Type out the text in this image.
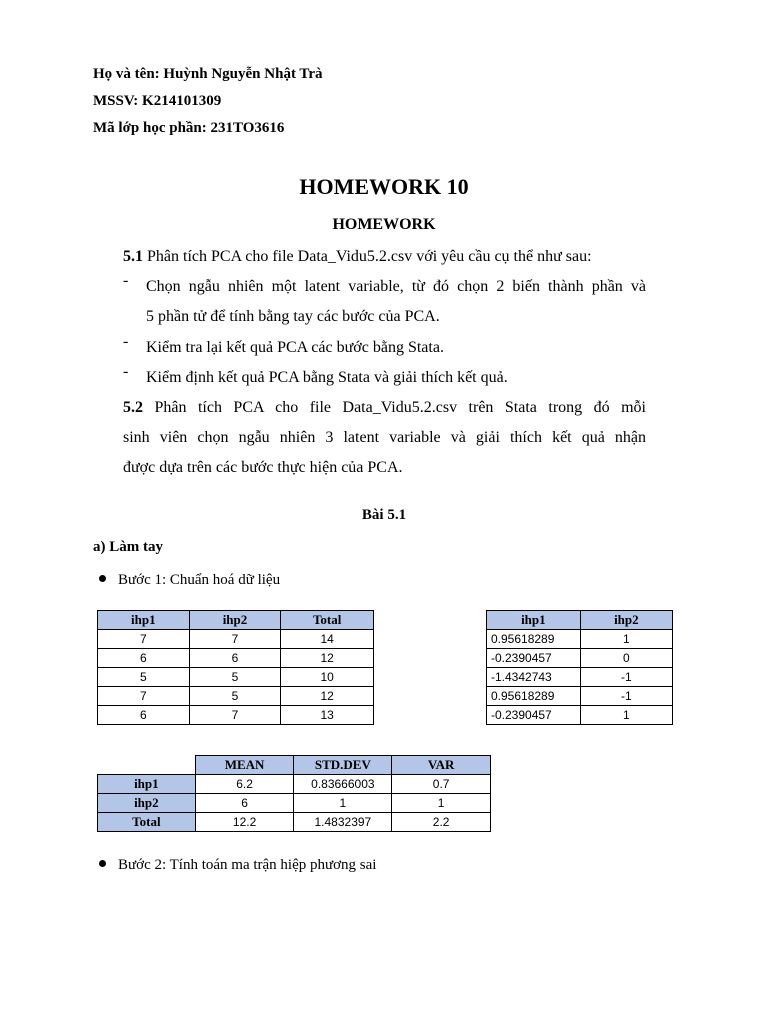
Họ và tên: Huỳnh Nguyễn Nhật Trà
MSSV: K214101309
Mã lớp học phần: 231TO3616
HOMEWORK 10
HOMEWORK
5.1 Phân tích PCA cho file Data_Vidu5.2.csv với yêu cầu cụ thể như sau:
- Chọn ngẫu nhiên một latent variable, từ đó chọn 2 biến thành phần và
5 phần tử để tính bằng tay các bước của PCA.
- Kiểm tra lại kết quả PCA các bước bằng Stata.
- Kiểm định kết quả PCA bằng Stata và giải thích kết quả.
5.2 Phân tích PCA cho file Data_Vidu5.2.csv trên Stata trong đó mỗi
sinh viên chọn ngẫu nhiên 3 latent variable và giải thích kết quả nhận
được dựa trên các bước thực hiện của PCA.
Bài 5.1
a) Làm tay
Bước 1: Chuẩn hoá dữ liệu
ihp1	ihp2	Total
7	7	14
6	6	12
5	5	10
7	5	12
6	7	13
ihp1	ihp2
0.95618289	1
-0.2390457	0
-1.4342743	-1
0.95618289	-1
-0.2390457	1
	MEAN	STD.DEV	VAR
ihp1	6.2	0.83666003	0.7
ihp2	6	1	1
Total	12.2	1.4832397	2.2
Bước 2: Tính toán ma trận hiệp phương sai
